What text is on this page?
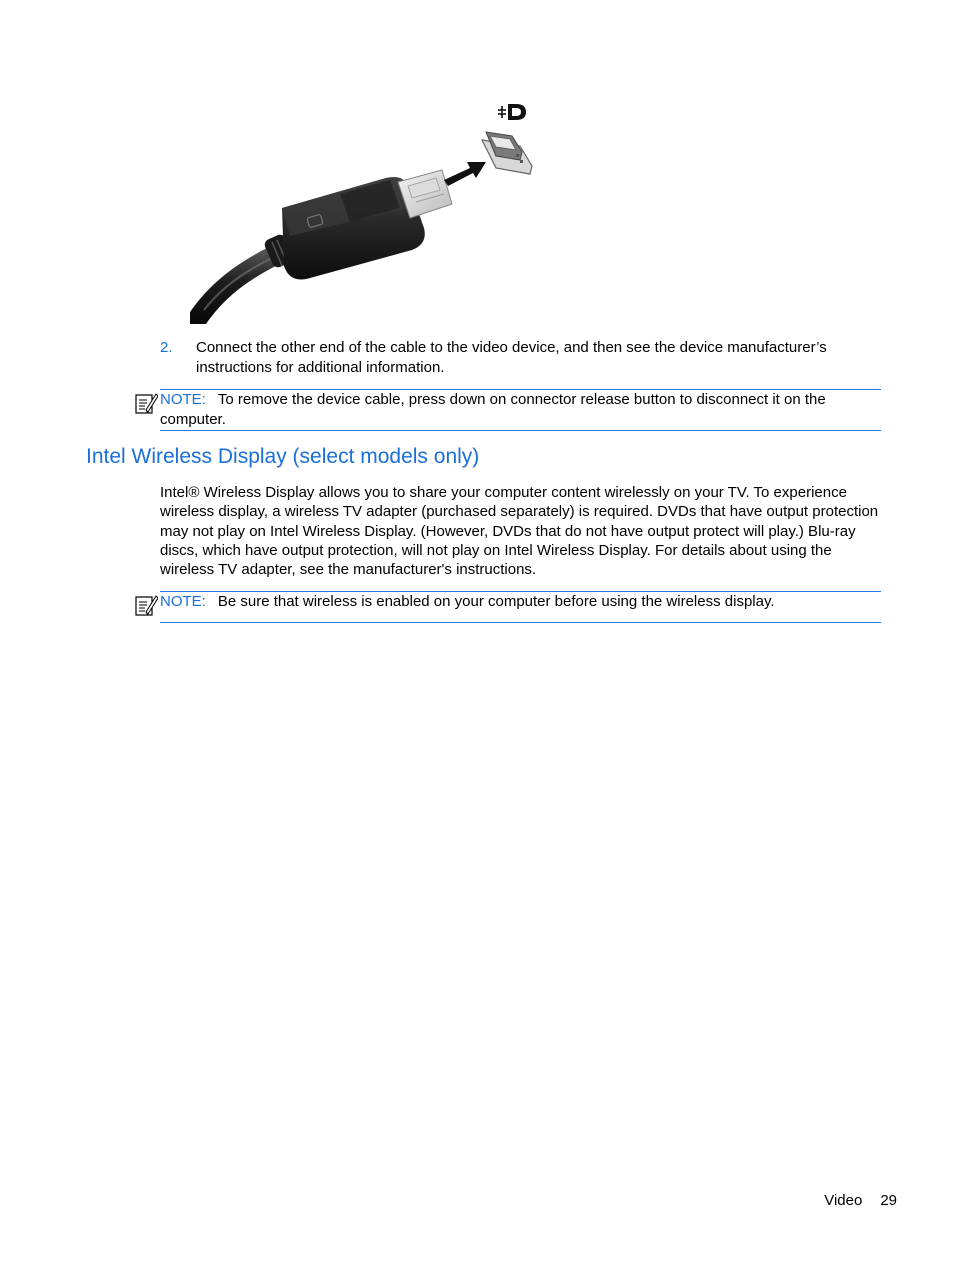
2. Connect the other end of the cable to the video device, and then see the device manufacturer’s instructions for additional information.
NOTE: To remove the device cable, press down on connector release button to disconnect it on the computer.
Intel Wireless Display (select models only)

Intel® Wireless Display allows you to share your computer content wirelessly on your TV. To experience wireless display, a wireless TV adapter (purchased separately) is required. DVDs that have output protection may not play on Intel Wireless Display. (However, DVDs that do not have output protect will play.) Blu-ray discs, which have output protection, will not play on Intel Wireless Display. For details about using the wireless TV adapter, see the manufacturer's instructions.

NOTE: Be sure that wireless is enabled on your computer before using the wireless display.
Video 29
